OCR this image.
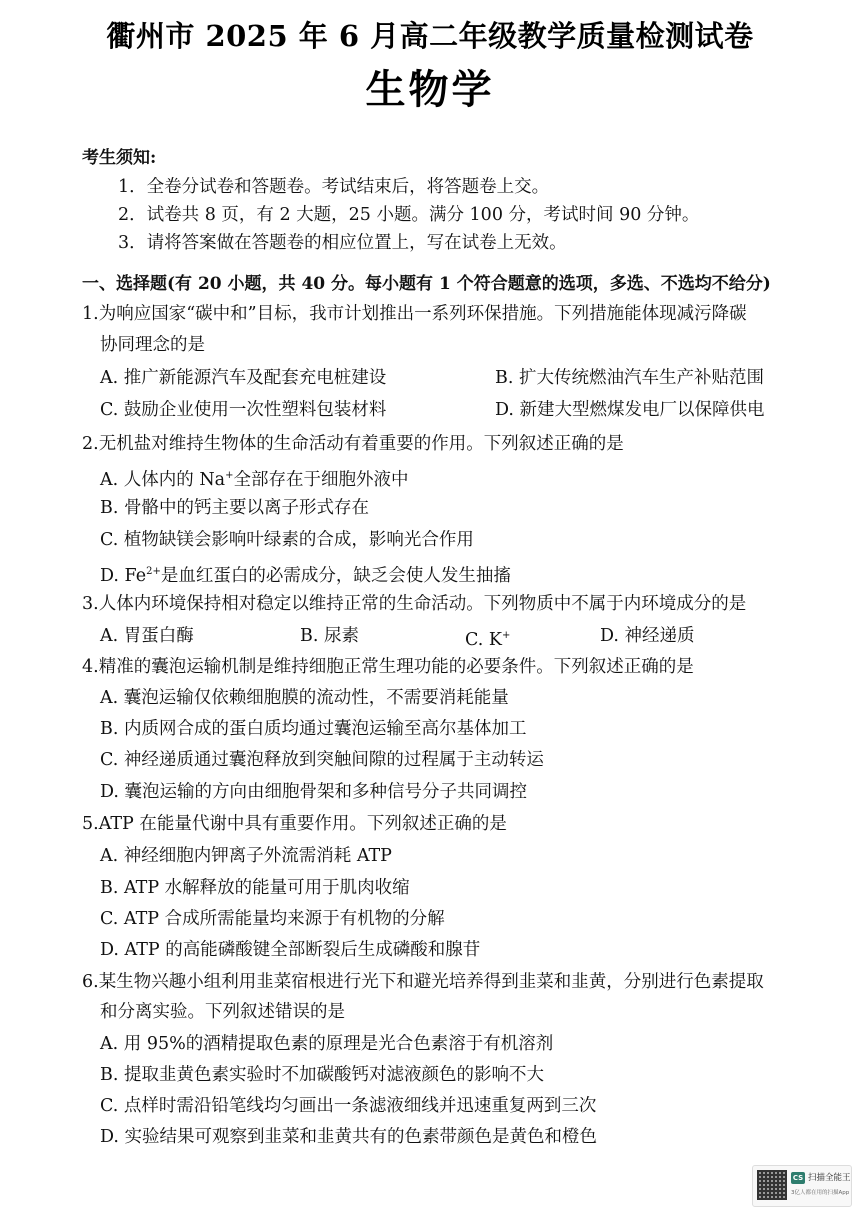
衢州市 2025 年 6 月高二年级教学质量检测试卷
生物学
考生须知:
1．全卷分试卷和答题卷。考试结束后，将答题卷上交。
2．试卷共 8 页，有 2 大题，25 小题。满分 100 分，考试时间 90 分钟。
3．请将答案做在答题卷的相应位置上，写在试卷上无效。
一、选择题(有 20 小题，共 40 分。每小题有 1 个符合题意的选项，多选、不选均不给分)
1.为响应国家“碳中和”目标，我市计划推出一系列环保措施。下列措施能体现减污降碳
协同理念的是
A. 推广新能源汽车及配套充电桩建设	B. 扩大传统燃油汽车生产补贴范围
C. 鼓励企业使用一次性塑料包装材料	D. 新建大型燃煤发电厂以保障供电
2.无机盐对维持生物体的生命活动有着重要的作用。下列叙述正确的是
A. 人体内的 Na+全部存在于细胞外液中
B. 骨骼中的钙主要以离子形式存在
C. 植物缺镁会影响叶绿素的合成，影响光合作用
D. $Fe^{2+}$是血红蛋白的必需成分，缺乏会使人发生抽搐
3.人体内环境保持相对稳定以维持正常的生命活动。下列物质中不属于内环境成分的是
A. 胃蛋白酶	B. 尿素	C. K+	D. 神经递质
4.精准的囊泡运输机制是维持细胞正常生理功能的必要条件。下列叙述正确的是
A. 囊泡运输仅依赖细胞膜的流动性，不需要消耗能量
B. 内质网合成的蛋白质均通过囊泡运输至高尔基体加工
C. 神经递质通过囊泡释放到突触间隙的过程属于主动转运
D. 囊泡运输的方向由细胞骨架和多种信号分子共同调控
5.ATP 在能量代谢中具有重要作用。下列叙述正确的是
A. 神经细胞内钾离子外流需消耗 ATP
B. ATP 水解释放的能量可用于肌肉收缩
C. ATP 合成所需能量均来源于有机物的分解
D. ATP 的高能磷酸键全部断裂后生成磷酸和腺苷
6.某生物兴趣小组利用韭菜宿根进行光下和避光培养得到韭菜和韭黄，分别进行色素提取
和分离实验。下列叙述错误的是
A. 用 95%的酒精提取色素的原理是光合色素溶于有机溶剂
B. 提取韭黄色素实验时不加碳酸钙对滤液颜色的影响不大
C. 点样时需沿铅笔线均匀画出一条滤液细线并迅速重复两到三次
D. 实验结果可观察到韭菜和韭黄共有的色素带颜色是黄色和橙色
CS 扫描全能王
3亿人都在用的扫描App
